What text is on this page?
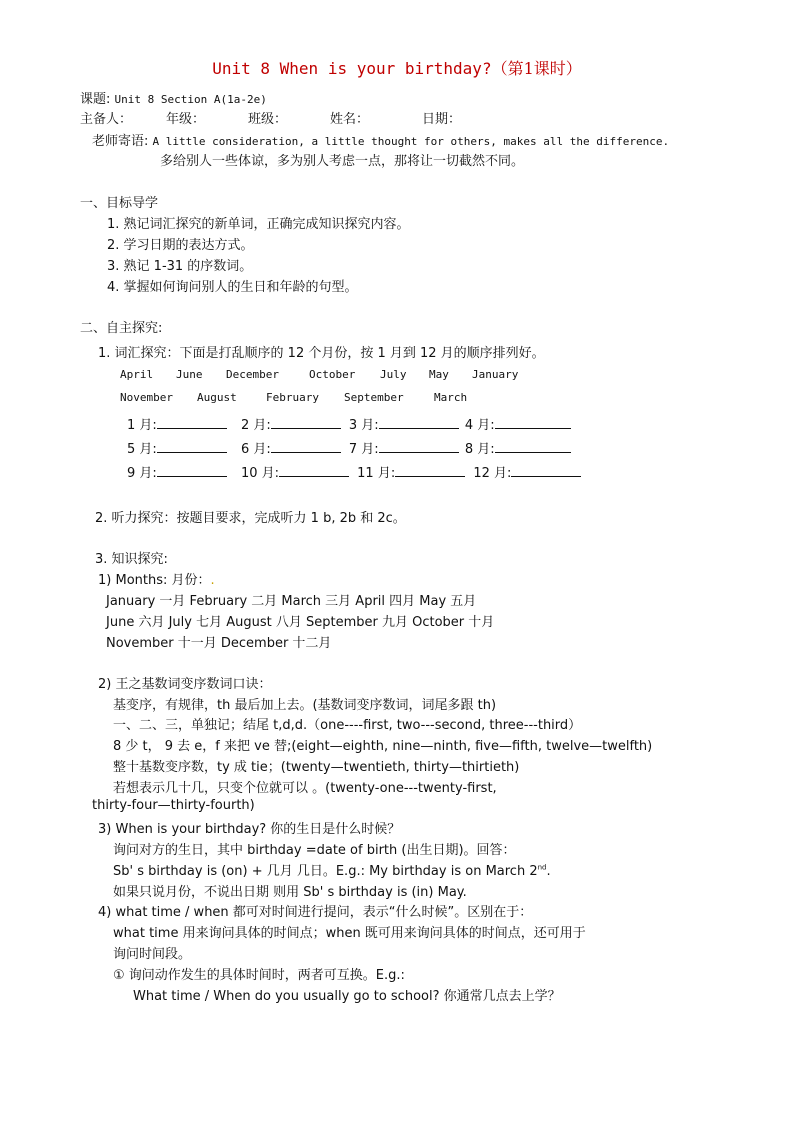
Unit 8 When is your birthday?（第1课时）
课题: Unit 8 Section A(1a-2e)
主备人：	年级：	班级：	姓名：	日期：
老师寄语: A little consideration, a little thought for others, makes all the difference.
多给别人一些体谅，多为别人考虑一点，那将让一切截然不同。
一、目标导学
1. 熟记词汇探究的新单词，正确完成知识探究内容。
2. 学习日期的表达方式。
3. 熟记 1-31 的序数词。
4. 掌握如何询问别人的生日和年龄的句型。
二、自主探究:
1. 词汇探究：下面是打乱顺序的 12 个月份，按 1 月到 12 月的顺序排列好。
April June December	October July May January
November August	February September	March
1 月:	2 月:	3 月:	4 月:
5 月:	6 月:	7 月:	8 月:
9 月:	10 月:	11 月:	12 月:
2. 听力探究：按题目要求，完成听力 1 b, 2b 和 2c。
3. 知识探究:
1) Months: 月份：.
January 一月 February 二月 March 三月 April 四月 May 五月
June 六月 July 七月 August 八月 September 九月 October 十月
November 十一月 December 十二月
2) 王之基数词变序数词口诀：
基变序，有规律，th 最后加上去。(基数词变序数词，词尾多跟 th)
一、二、三，单独记；结尾 t,d,d.（one----first, two---second, three---third）
8 少 t， 9 去 e，f 来把 ve 替;(eight—eighth, nine—ninth, five—fifth, twelve—twelfth)
整十基数变序数，ty 成 tie；(twenty—twentieth, thirty—thirtieth)
若想表示几十几，只变个位就可以 。(twenty-one---twenty-first,
thirty-four—thirty-fourth)
3) When is your birthday? 你的生日是什么时候？
询问对方的生日，其中 birthday =date of birth (出生日期)。回答：
Sb' s birthday is (on) + 几月 几日。E.g.: My birthday is on March 2nd.
如果只说月份，不说出日期 则用 Sb' s birthday is (in) May.
4) what time / when 都可对时间进行提问，表示“什么时候”。区别在于：
what time 用来询问具体的时间点；when 既可用来询问具体的时间点，还可用于
询问时间段。
① 询问动作发生的具体时间时，两者可互换。E.g.:
What time / When do you usually go to school? 你通常几点去上学？
